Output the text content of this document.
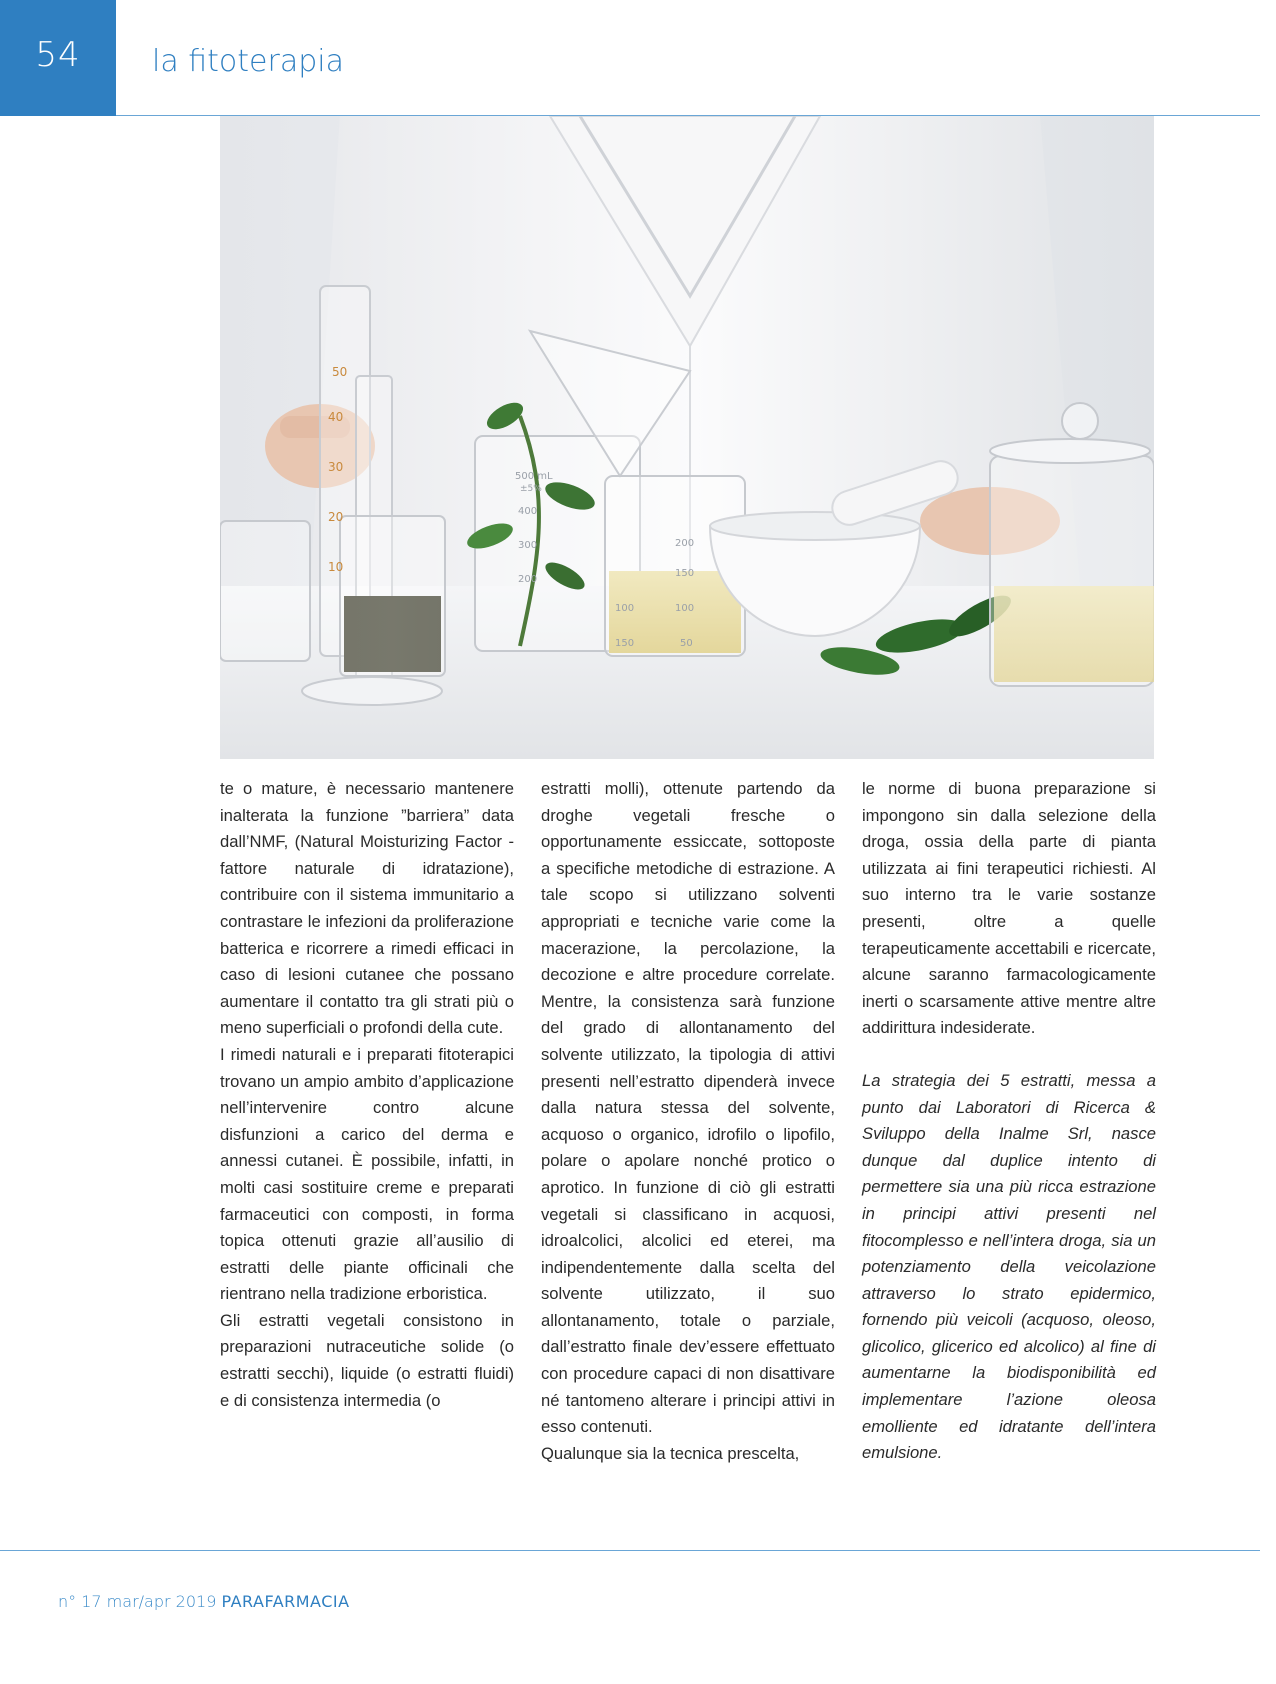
54 la fitoterapia
50
40
30
20
10
500 mL
±5%
400
300
200
200
150
100
100
150	50

te o mature, è necessario mantenere inalterata la funzione ”barriera” data dall’NMF, (Natural Moisturizing Factor - fattore naturale di idratazione), contribuire con il sistema immunitario a contrastare le infezioni da proliferazione batterica e ricorrere a rimedi efficaci in caso di lesioni cutanee che possano aumentare il contatto tra gli strati più o meno superficiali o profondi della cute.

I rimedi naturali e i preparati fitoterapici trovano un ampio ambito d’applicazione nell’intervenire contro alcune disfunzioni a carico del derma e annessi cutanei. È possibile, infatti, in molti casi sostituire creme e preparati farmaceutici con composti, in forma topica ottenuti grazie all’ausilio di estratti delle piante officinali che rientrano nella tradizione erboristica.

Gli estratti vegetali consistono in preparazioni nutraceutiche solide (o estratti secchi), liquide (o estratti fluidi) e di consistenza intermedia (o

estratti molli), ottenute partendo da droghe vegetali fresche o opportunamente essiccate, sottoposte a specifiche metodiche di estrazione. A tale scopo si utilizzano solventi appropriati e tecniche varie come la macerazione, la percolazione, la decozione e altre procedure correlate. Mentre, la consistenza sarà funzione del grado di allontanamento del solvente utilizzato, la tipologia di attivi presenti nell’estratto dipenderà invece dalla natura stessa del solvente, acquoso o organico, idrofilo o lipofilo, polare o apolare nonché protico o aprotico. In funzione di ciò gli estratti vegetali si classificano in acquosi, idroalcolici, alcolici ed eterei, ma indipendentemente dalla scelta del solvente utilizzato, il suo allontanamento, totale o parziale, dall’estratto finale dev’essere effettuato con procedure capaci di non disattivare né tantomeno alterare i principi attivi in esso contenuti.

Qualunque sia la tecnica prescelta,

le norme di buona preparazione si impongono sin dalla selezione della droga, ossia della parte di pianta utilizzata ai fini terapeutici richiesti. Al suo interno tra le varie sostanze presenti, oltre a quelle terapeuticamente accettabili e ricercate, alcune saranno farmacologicamente inerti o scarsamente attive mentre altre addirittura indesiderate.

La strategia dei 5 estratti, messa a punto dai Laboratori di Ricerca & Sviluppo della Inalme Srl, nasce dunque dal duplice intento di permettere sia una più ricca estrazione in principi attivi presenti nel fitocomplesso e nell’intera droga, sia un potenziamento della veicolazione attraverso lo strato epidermico, fornendo più veicoli (acquoso, oleoso, glicolico, glicerico ed alcolico) al fine di aumentarne la biodisponibilità ed implementare l’azione oleosa emolliente ed idratante dell’intera emulsione.

n° 17 mar/apr 2019 PARAFARMACIA
